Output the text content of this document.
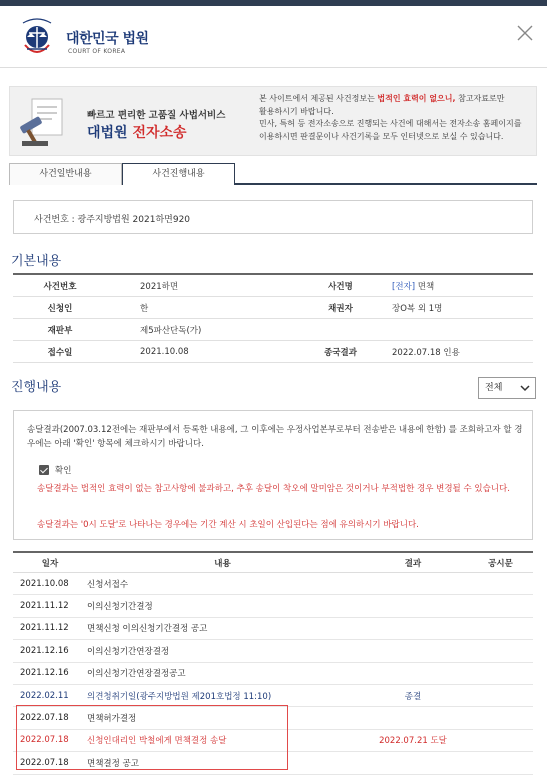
대한민국 법원
COURT OF KOREA
빠르고 편리한 고품질 사법서비스
대법원 전자소송
본 사이트에서 제공된 사건정보는 법적인 효력이 없으니, 참고자료로만
활용하시기 바랍니다.
민사, 특허 등 전자소송으로 진행되는 사건에 대해서는 전자소송 홈페이지를
이용하시면 판결문이나 사건기록을 모두 인터넷으로 보실 수 있습니다.
사건일반내용	사건진행내용
사건번호 : 광주지방법원 2021하면920
기본내용
사건번호	2021하면	사건명	[전자] 면책
신청인	한	채권자	장O복 외 1명
재판부	제5파산단독(가)
접수일	2021.10.08	종국결과	2022.07.18 인용
진행내용	전체
송달결과(2007.03.12전에는 재판부에서 등록한 내용에, 그 이후에는 우정사업본부로부터 전송받은 내용에 한함) 를 조회하고자 할 경우에는 아래 '확인' 항목에 체크하시기 바랍니다.
확인
송달결과는 법적인 효력이 없는 참고사항에 불과하고, 추후 송달이 착오에 말미암은 것이거나 부적법한 경우 변경될 수 있습니다.
송달결과는 '0시 도달'로 나타나는 경우에는 기간 계산 시 초일이 산입된다는 점에 유의하시기 바랍니다.
일자	내용	결과	공시문
2021.10.08	신청서접수
2021.11.12	이의신청기간결정
2021.11.12	면책신청 이의신청기간결정 공고
2021.12.16	이의신청기간연장결정
2021.12.16	이의신청기간연장결정공고
2022.02.11	의견청취기일(광주지방법원 제201호법정 11:10)	종결
2022.07.18	면책허가결정
2022.07.18	신청인대리인 박철에게 면책결정 송달	2022.07.21 도달
2022.07.18	면책결정 공고
